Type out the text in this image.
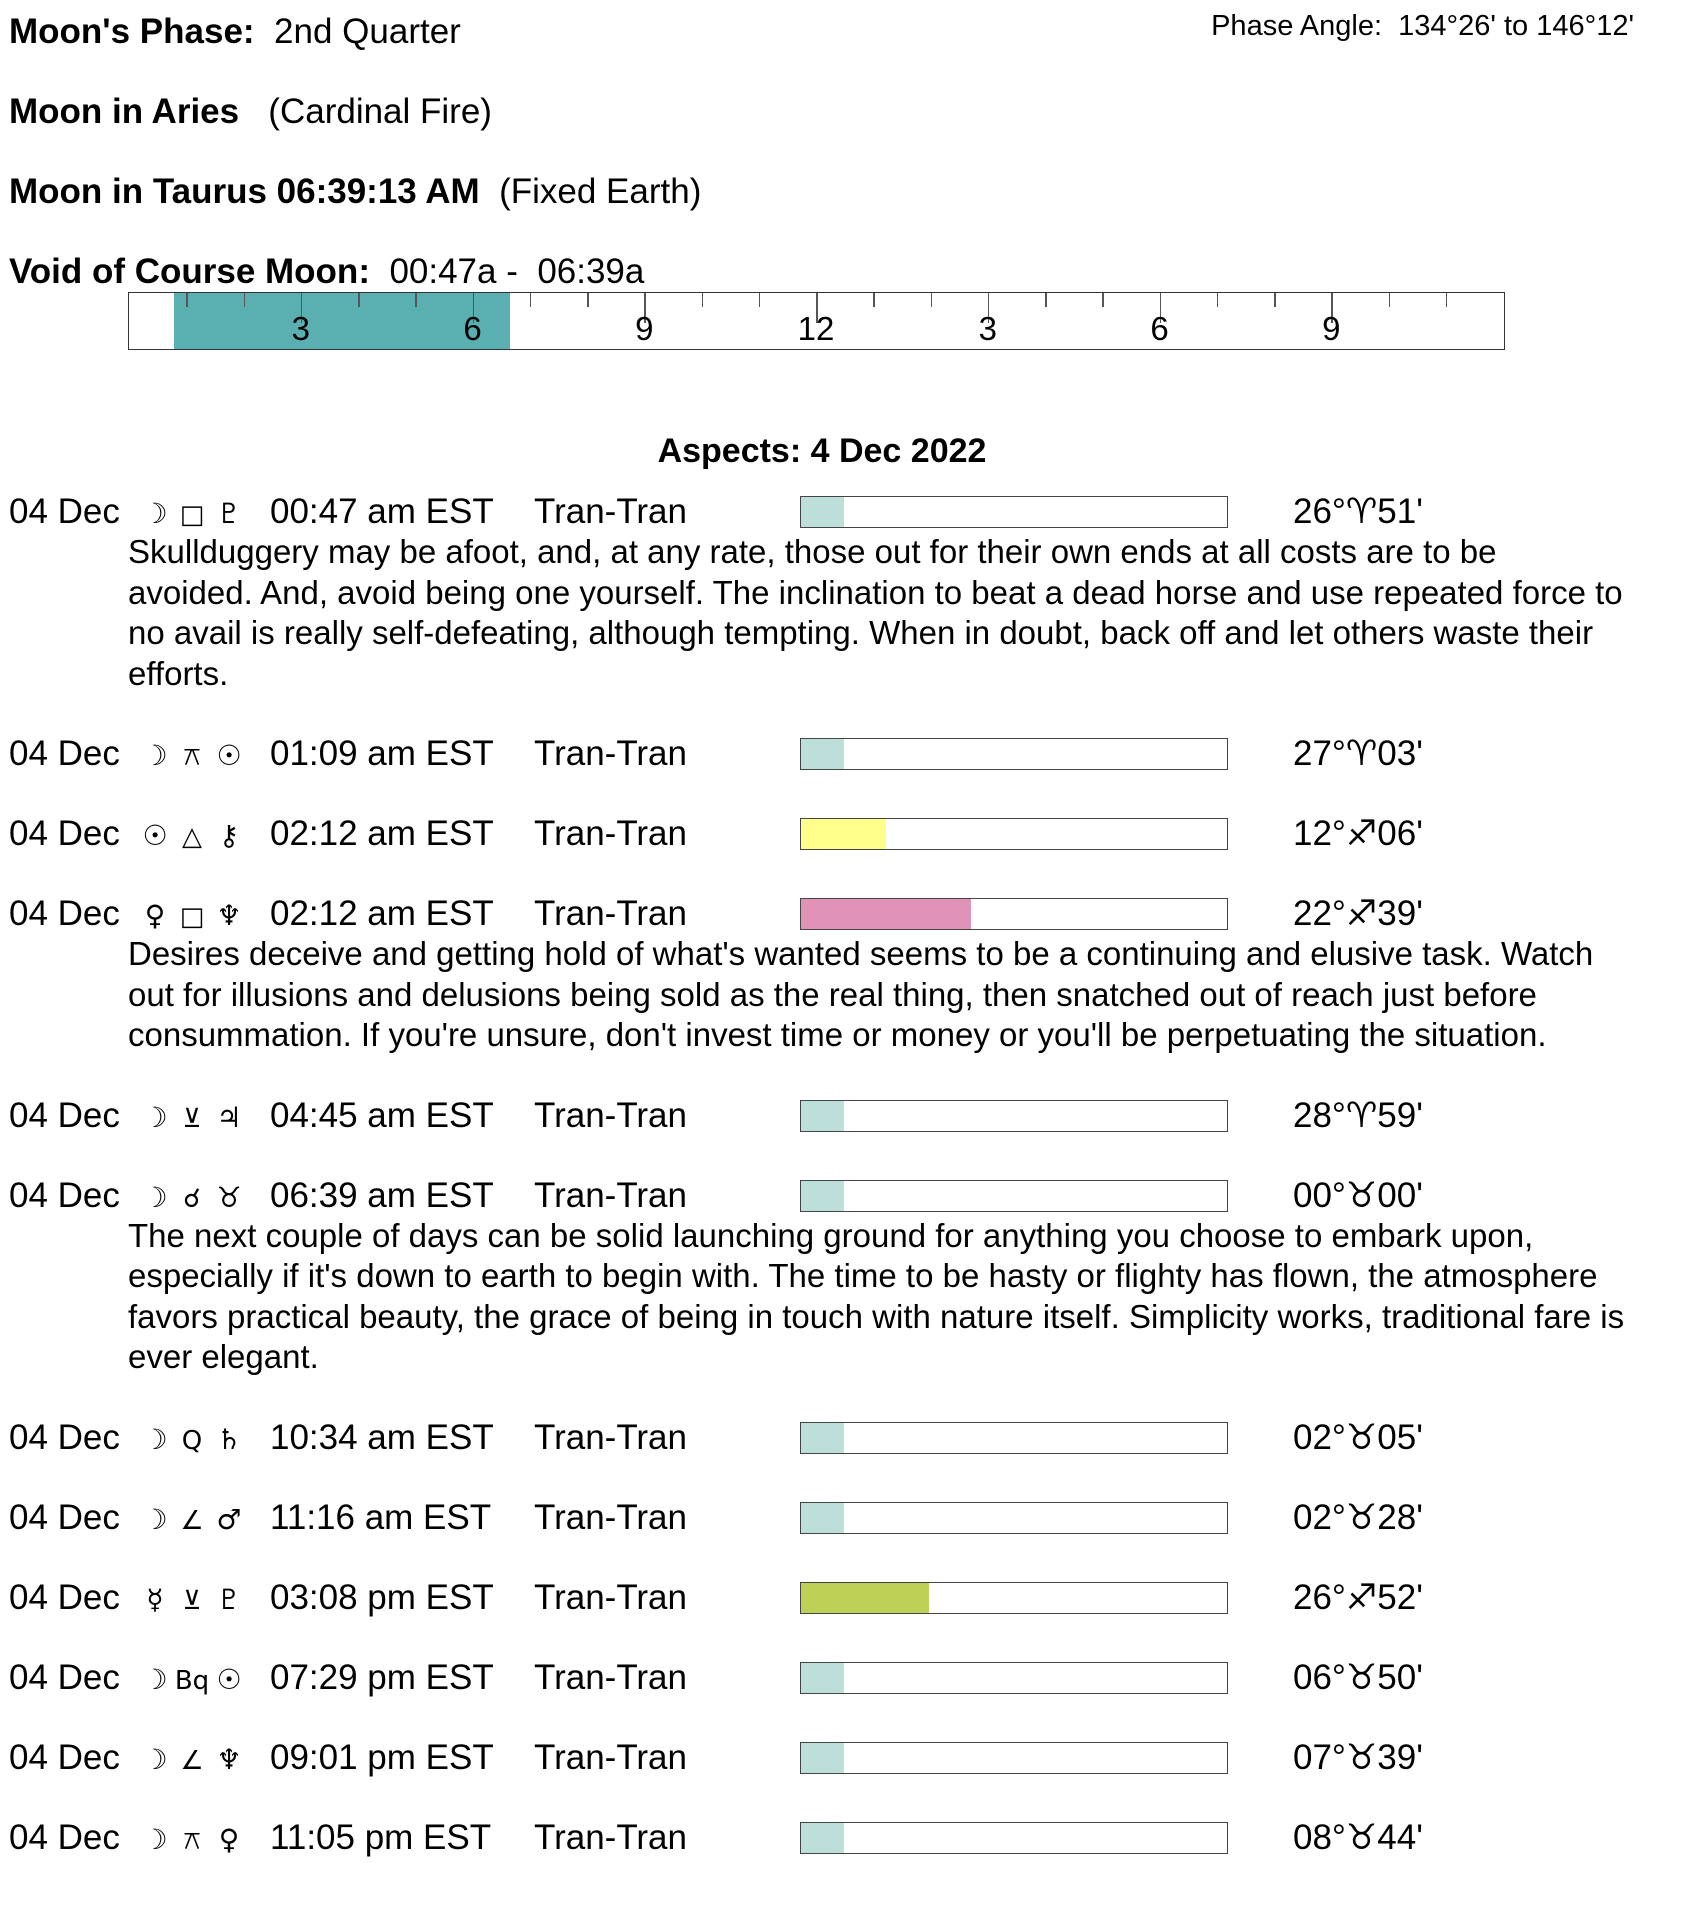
Moon's Phase: 2nd Quarter	Phase Angle: 134°26' to 146°12'
Moon in Aries (Cardinal Fire)
Moon in Taurus 06:39:13 AM (Fixed Earth)
Void of Course Moon: 00:47a -  06:39a
3	6	9	12	3	6	9
Aspects: 4 Dec 2022
04 Dec ☽ □ ♇ 00:47 am EST Tran-Tran	26°♈51'
Skullduggery may be afoot, and, at any rate, those out for their own ends at all costs are to be avoided. And, avoid being one yourself. The inclination to beat a dead horse and use repeated force to no avail is really self-defeating, although tempting. When in doubt, back off and let others waste their efforts.
04 Dec ☽ ⚻ ☉ 01:09 am EST Tran-Tran	27°♈03'
04 Dec ☉ △ ⚷ 02:12 am EST Tran-Tran	12°♐06'
04 Dec ♀ □ ♆ 02:12 am EST Tran-Tran	22°♐39'
Desires deceive and getting hold of what's wanted seems to be a continuing and elusive task. Watch out for illusions and delusions being sold as the real thing, then snatched out of reach just before consummation. If you're unsure, don't invest time or money or you'll be perpetuating the situation.
04 Dec ☽ ⊻ ♃ 04:45 am EST Tran-Tran	28°♈59'
04 Dec ☽ ☌ ♉ 06:39 am EST Tran-Tran	00°♉00'
The next couple of days can be solid launching ground for anything you choose to embark upon, especially if it's down to earth to begin with. The time to be hasty or flighty has flown, the atmosphere favors practical beauty, the grace of being in touch with nature itself. Simplicity works, traditional fare is ever elegant.
04 Dec ☽ Q ♄ 10:34 am EST Tran-Tran	02°♉05'
04 Dec ☽ ∠ ♂ 11:16 am EST Tran-Tran	02°♉28'
04 Dec ☿ ⊻ ♇ 03:08 pm EST Tran-Tran	26°♐52'
04 Dec ☽ Bq ☉ 07:29 pm EST Tran-Tran	06°♉50'
04 Dec ☽ ∠ ♆ 09:01 pm EST Tran-Tran	07°♉39'
04 Dec ☽ ⚻ ♀ 11:05 pm EST Tran-Tran	08°♉44'
